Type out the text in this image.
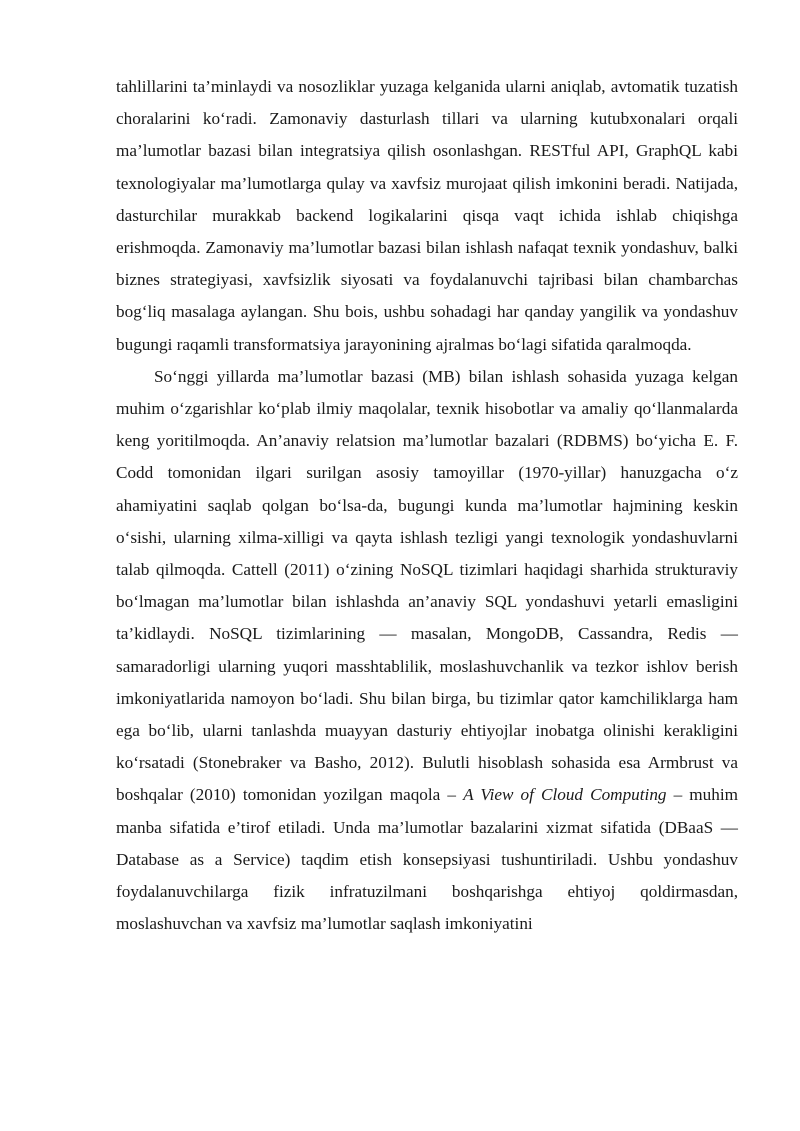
tahlillarini ta’minlaydi va nosozliklar yuzaga kelganida ularni aniqlab, avtomatik tuzatish choralarini ko‘radi. Zamonaviy dasturlash tillari va ularning kutubxonalari orqali ma’lumotlar bazasi bilan integratsiya qilish osonlashgan. RESTful API, GraphQL kabi texnologiyalar ma’lumotlarga qulay va xavfsiz murojaat qilish imkonini beradi. Natijada, dasturchilar murakkab backend logikalarini qisqa vaqt ichida ishlab chiqishga erishmoqda. Zamonaviy ma’lumotlar bazasi bilan ishlash nafaqat texnik yondashuv, balki biznes strategiyasi, xavfsizlik siyosati va foydalanuvchi tajribasi bilan chambarchas bog‘liq masalaga aylangan. Shu bois, ushbu sohadagi har qanday yangilik va yondashuv bugungi raqamli transformatsiya jarayonining ajralmas bo‘lagi sifatida qaralmoqda.

So‘nggi yillarda ma’lumotlar bazasi (MB) bilan ishlash sohasida yuzaga kelgan muhim o‘zgarishlar ko‘plab ilmiy maqolalar, texnik hisobotlar va amaliy qo‘llanmalarda keng yoritilmoqda. An’anaviy relatsion ma’lumotlar bazalari (RDBMS) bo‘yicha E. F. Codd tomonidan ilgari surilgan asosiy tamoyillar (1970-yillar) hanuzgacha o‘z ahamiyatini saqlab qolgan bo‘lsa-da, bugungi kunda ma’lumotlar hajmining keskin o‘sishi, ularning xilma-xilligi va qayta ishlash tezligi yangi texnologik yondashuvlarni talab qilmoqda. Cattell (2011) o‘zining NoSQL tizimlari haqidagi sharhida strukturaviy bo‘lmagan ma’lumotlar bilan ishlashda an’anaviy SQL yondashuvi yetarli emasligini ta’kidlaydi. NoSQL tizimlarining — masalan, MongoDB, Cassandra, Redis — samaradorligi ularning yuqori masshtablilik, moslashuvchanlik va tezkor ishlov berish imkoniyatlarida namoyon bo‘ladi. Shu bilan birga, bu tizimlar qator kamchiliklarga ham ega bo‘lib, ularni tanlashda muayyan dasturiy ehtiyojlar inobatga olinishi kerakligini ko‘rsatadi (Stonebraker va Basho, 2012). Bulutli hisoblash sohasida esa Armbrust va boshqalar (2010) tomonidan yozilgan maqola – A View of Cloud Computing – muhim manba sifatida e’tirof etiladi. Unda ma’lumotlar bazalarini xizmat sifatida (DBaaS — Database as a Service) taqdim etish konsepsiyasi tushuntiriladi. Ushbu yondashuv foydalanuvchilarga fizik infratuzilmani boshqarishga ehtiyoj qoldirmasdan, moslashuvchan va xavfsiz ma’lumotlar saqlash imkoniyatini
